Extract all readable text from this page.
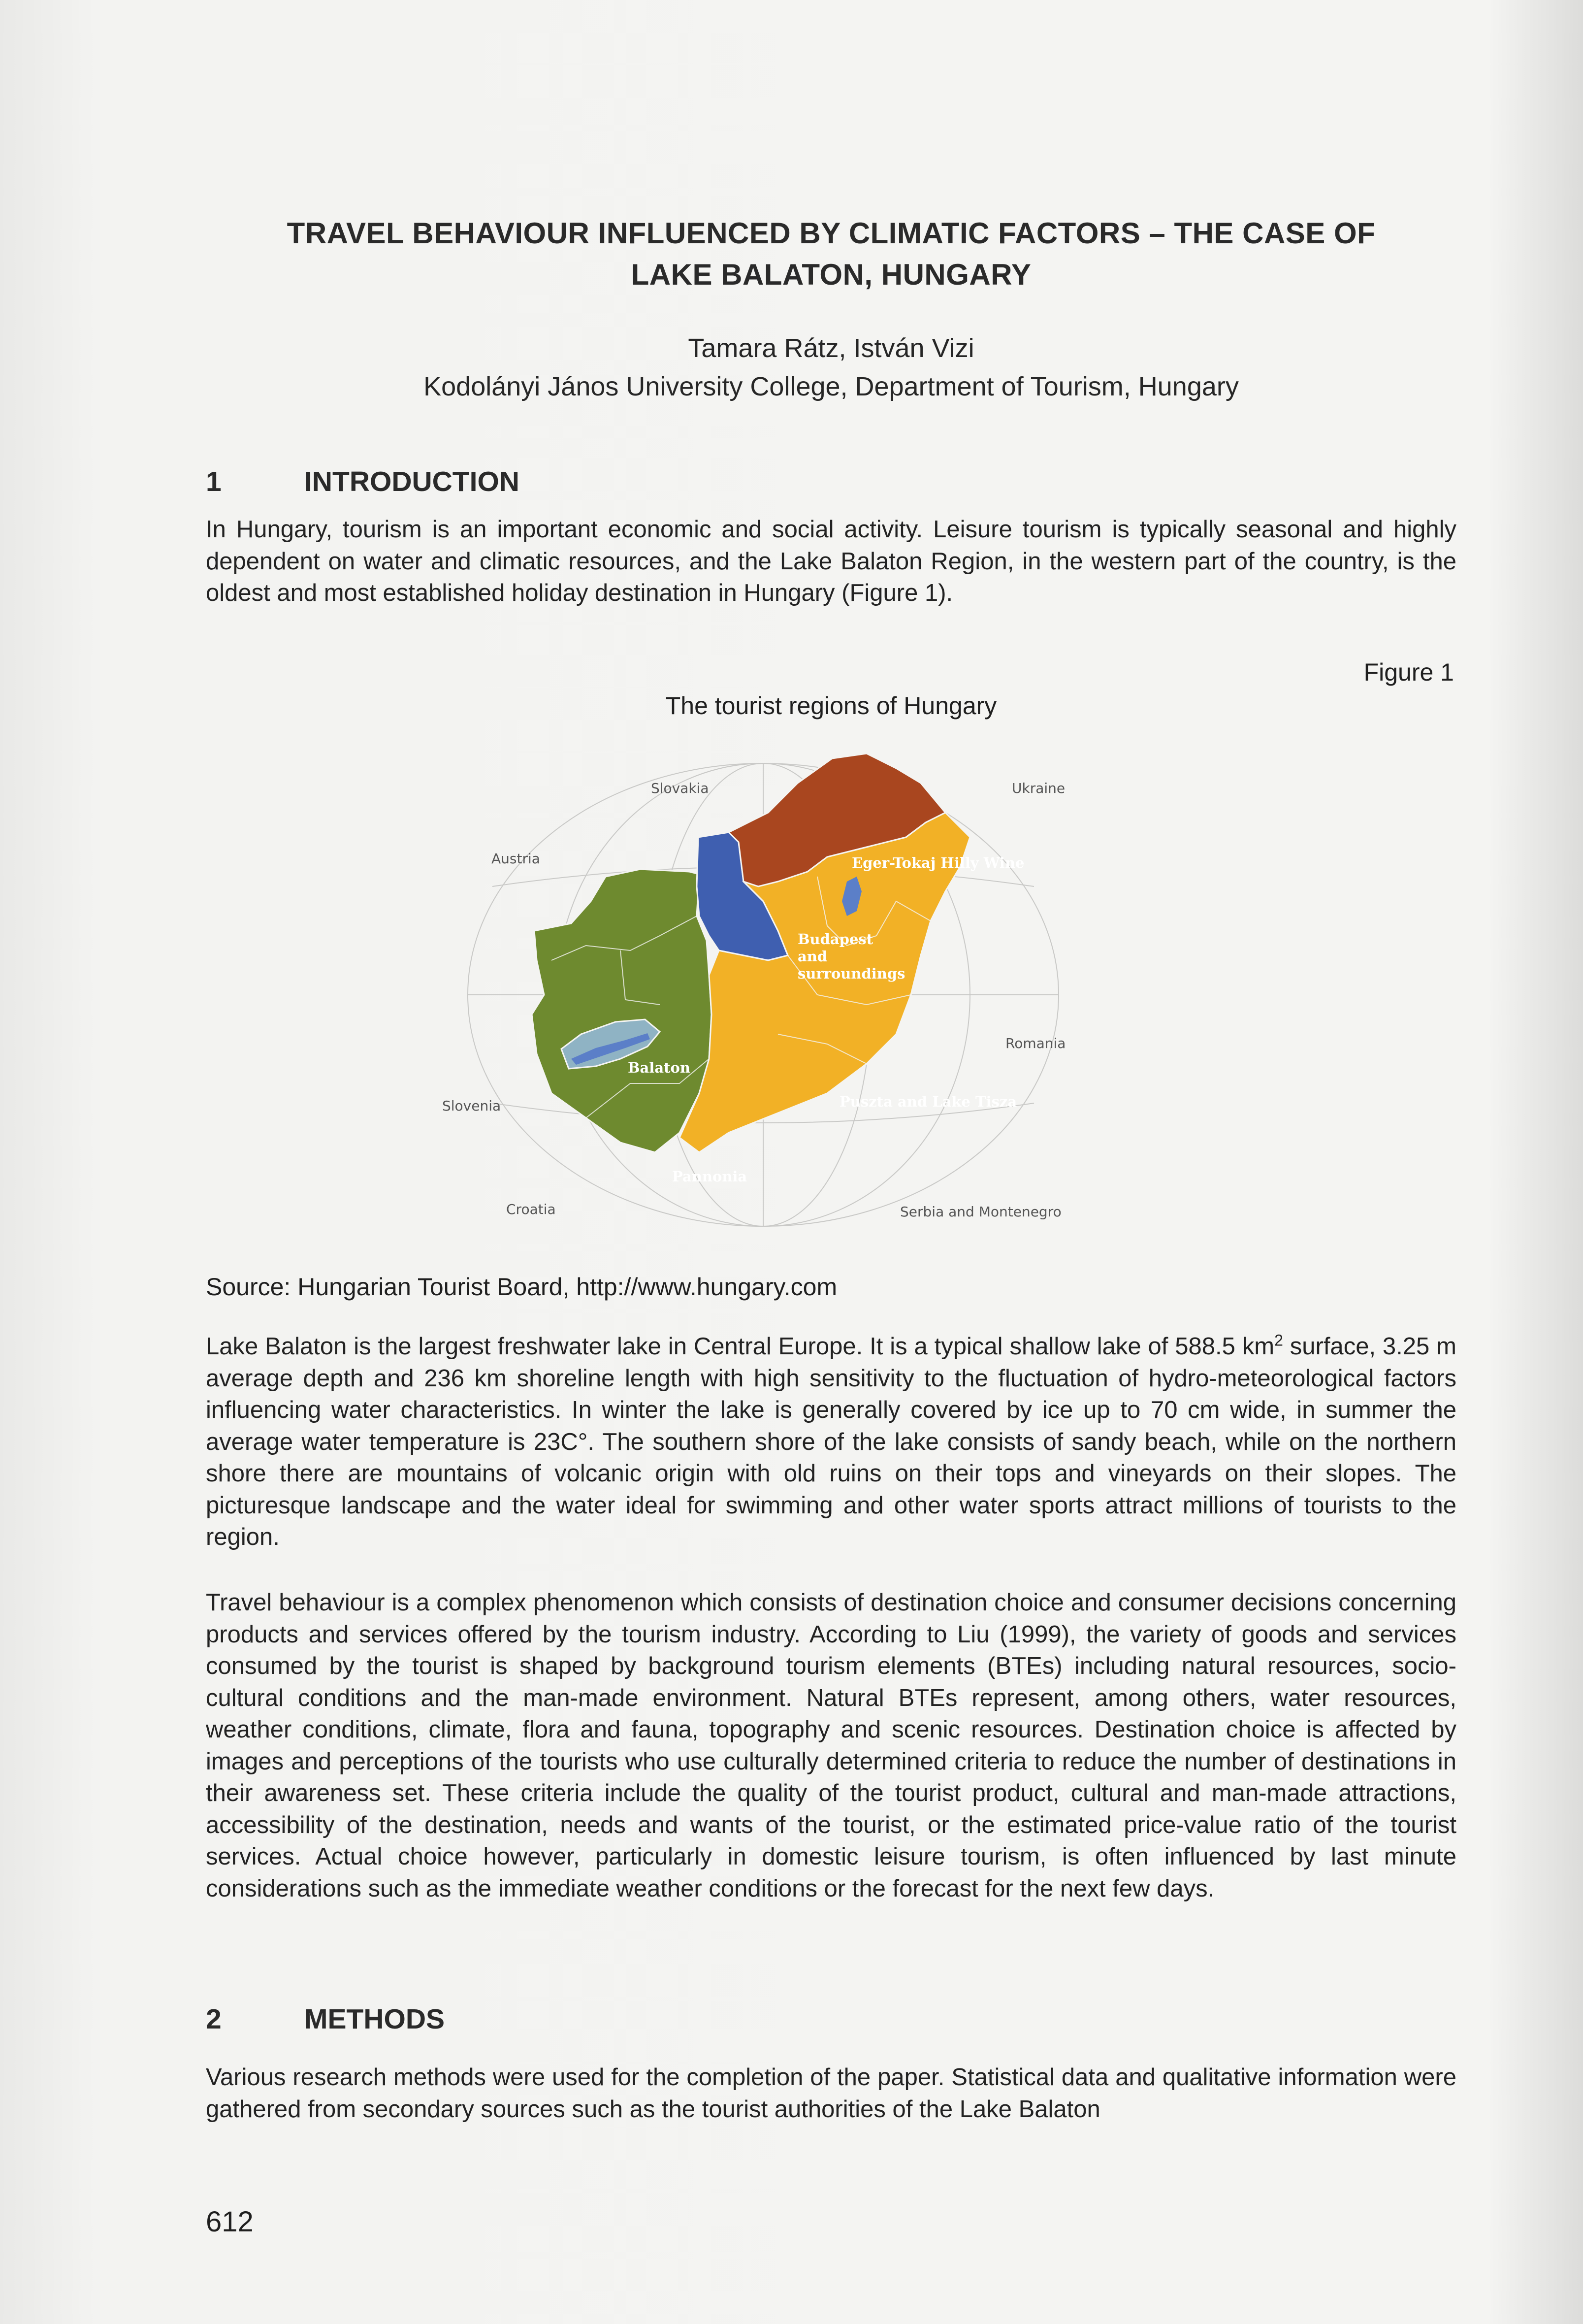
TRAVEL BEHAVIOUR INFLUENCED BY CLIMATIC FACTORS – THE CASE OF
LAKE BALATON, HUNGARY
Tamara Rátz, István Vizi
Kodolányi János University College, Department of Tourism, Hungary
1	INTRODUCTION

In Hungary, tourism is an important economic and social activity. Leisure tourism is typically seasonal and highly dependent on water and climatic resources, and the Lake Balaton Region, in the western part of the country, is the oldest and most established holiday destination in Hungary (Figure 1).

Figure 1
The tourist regions of Hungary
Slovakia	Ukraine
Austria
Romania
Slovenia
Croatia	Serbia and Montenegro
Eger-Tokaj Hilly Wine
Budapest
and
surroundings
Balaton
Puszta and Lake Tisza
Pannonia
Source: Hungarian Tourist Board, http://www.hungary.com

Lake Balaton is the largest freshwater lake in Central Europe. It is a typical shallow lake of 588.5 $km^2$ surface, 3.25 m average depth and 236 km shoreline length with high sensitivity to the fluctuation of hydro-meteorological factors influencing water characteristics. In winter the lake is generally covered by ice up to 70 cm wide, in summer the average water temperature is 23C°. The southern shore of the lake consists of sandy beach, while on the northern shore there are mountains of volcanic origin with old ruins on their tops and vineyards on their slopes. The picturesque landscape and the water ideal for swimming and other water sports attract millions of tourists to the region.

Travel behaviour is a complex phenomenon which consists of destination choice and consumer decisions concerning products and services offered by the tourism industry. According to Liu (1999), the variety of goods and services consumed by the tourist is shaped by background tourism elements (BTEs) including natural resources, socio-cultural conditions and the man-made environment. Natural BTEs represent, among others, water resources, weather conditions, climate, flora and fauna, topography and scenic resources. Destination choice is affected by images and perceptions of the tourists who use culturally determined criteria to reduce the number of destinations in their awareness set. These criteria include the quality of the tourist product, cultural and man-made attractions, accessibility of the destination, needs and wants of the tourist, or the estimated price-value ratio of the tourist services. Actual choice however, particularly in domestic leisure tourism, is often influenced by last minute considerations such as the immediate weather conditions or the forecast for the next few days.

2	METHODS

Various research methods were used for the completion of the paper. Statistical data and qualitative information were gathered from secondary sources such as the tourist authorities of the Lake Balaton

612
